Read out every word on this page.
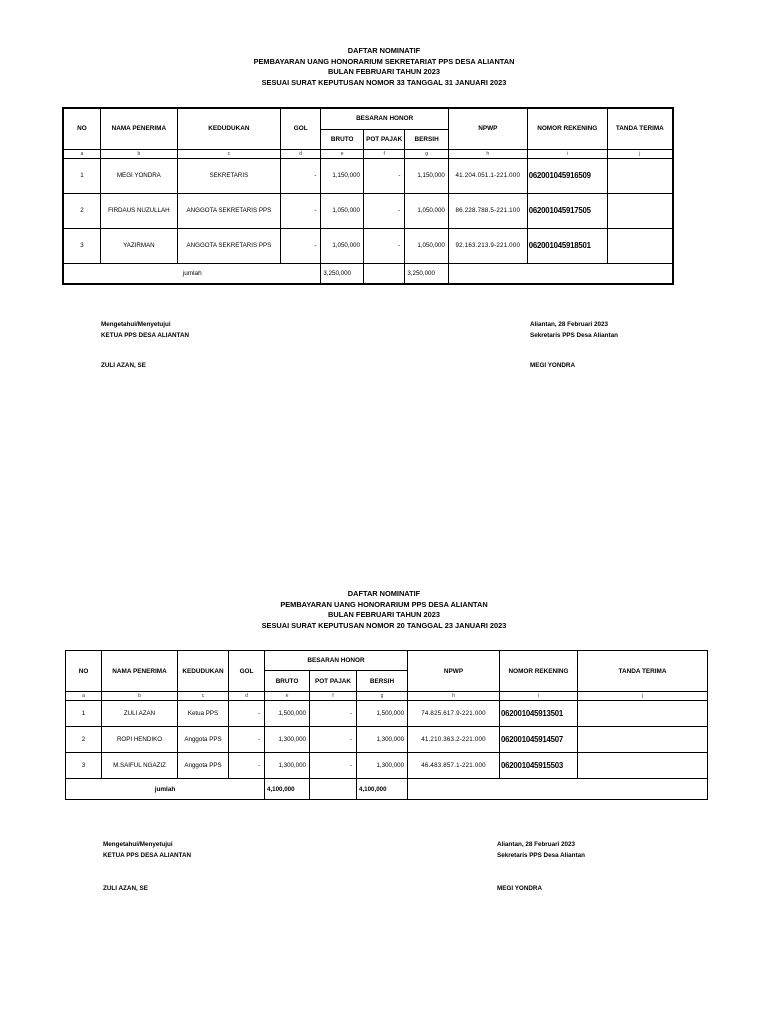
DAFTAR NOMINATIF
PEMBAYARAN UANG HONORARIUM SEKRETARIAT PPS DESA ALIANTAN
BULAN FEBRUARI TAHUN 2023
SESUAI SURAT KEPUTUSAN NOMOR 33 TANGGAL 31 JANUARI 2023
NO	NAMA PENERIMA	KEDUDUKAN	GOL	BESARAN HONOR			NPWP	NOMOR REKENING	TANDA TERIMA
				BRUTO	POT PAJAK	BERSIH			
a	b	c	d	e	f	g	h	i	j
1	MEGI YONDRA	SEKRETARIS	-	1,150,000	-	1,150,000	41.204.051.1-221.000	062001045916509	
2	FIRDAUS NUZULLAH	ANGGOTA SEKRETARIS PPS	-	1,050,000	-	1,050,000	86.228.788.5-221.100	062001045917505	
3	YAZIRMAN	ANGGOTA SEKRETARIS PPS	-	1,050,000	-	1,050,000	92.163.213.9-221.000	062001045918501	
jumlah				3,250,000		3,250,000			
Mengetahui/Menyetujui
KETUA PPS DESA ALIANTAN
ZULI AZAN, SE
Aliantan, 28 Februari 2023
Sekretaris PPS Desa Aliantan
MEGI YONDRA
DAFTAR NOMINATIF
PEMBAYARAN UANG HONORARIUM PPS DESA ALIANTAN
BULAN FEBRUARI TAHUN 2023
SESUAI SURAT KEPUTUSAN NOMOR 20 TANGGAL 23 JANUARI 2023
NO	NAMA PENERIMA	KEDUDUKAN	GOL	BESARAN HONOR			NPWP	NOMOR REKENING	TANDA TERIMA
				BRUTO	POT PAJAK	BERSIH			
a	b	c	d	e	f	g	h	i	j
1	ZULI AZAN	Ketua PPS	-	1,500,000	-	1,500,000	74.825.617.9-221.000	062001045913501	
2	ROPI HENDIKO	Anggota PPS	-	1,300,000	-	1,300,000	41.210.363.2-221.000	062001045914507	
3	M.SAIFUL NGAZIZ	Anggota PPS	-	1,300,000	-	1,300,000	46.483.857.1-221.000	062001045915503	
jumlah				4,100,000		4,100,000			
Mengetahui/Menyetujui
KETUA PPS DESA ALIANTAN
ZULI AZAN, SE
Aliantan, 28 Februari 2023
Sekretaris PPS Desa Aliantan
MEGI YONDRA
